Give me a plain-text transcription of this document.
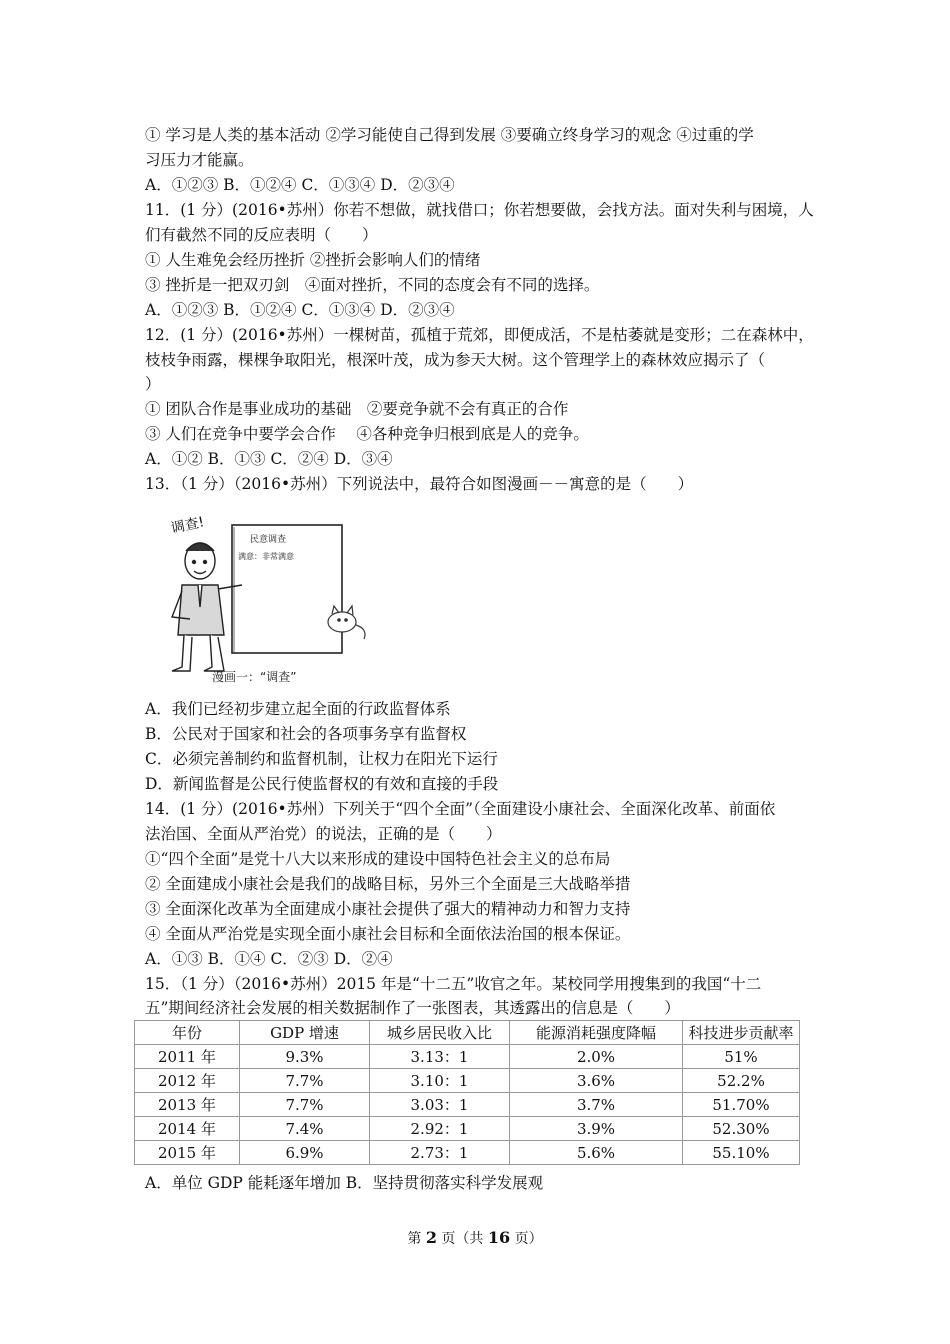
① 学习是人类的基本活动 ②学习能使自己得到发展 ③要确立终身学习的观念 ④过重的学
习压力才能赢。
A．①②③ B．①②④ C．①③④ D．②③④
11．(1 分）(2016•苏州）你若不想做，就找借口；你若想要做，会找方法。面对失利与困境，人
们有截然不同的反应表明（　　）
① 人生难免会经历挫折 ②挫折会影响人们的情绪
③ 挫折是一把双刃剑　④面对挫折，不同的态度会有不同的选择。
A．①②③ B．①②④ C．①③④ D．②③④
12．(1 分）(2016•苏州）一棵树苗，孤植于荒郊，即便成活，不是枯萎就是变形；二在森林中，
枝枝争雨露，棵棵争取阳光，根深叶茂，成为参天大树。这个管理学上的森林效应揭示了（
）
① 团队合作是事业成功的基础　②要竞争就不会有真正的合作
③ 人们在竞争中要学会合作　 ④各种竞争归根到底是人的竞争。
A．①② B．①③ C．②④ D．③④
13．（1 分）（2016•苏州）下列说法中，最符合如图漫画－－寓意的是（　　）
民意调查
满意：非常满意
调查!
漫画一：“调查”
A．我们已经初步建立起全面的行政监督体系
B．公民对于国家和社会的各项事务享有监督权
C．必须完善制约和监督机制，让权力在阳光下运行
D．新闻监督是公民行使监督权的有效和直接的手段
14．(1 分）(2016•苏州）下列关于“四个全面”（全面建设小康社会、全面深化改革、前面依
法治国、全面从严治党）的说法，正确的是（　　）
①“四个全面”是党十八大以来形成的建设中国特色社会主义的总布局
② 全面建成小康社会是我们的战略目标，另外三个全面是三大战略举措
③ 全面深化改革为全面建成小康社会提供了强大的精神动力和智力支持
④ 全面从严治党是实现全面小康社会目标和全面依法治国的根本保证。
A．①③ B．①④ C．②③ D．②④
15．（1 分）（2016•苏州）2015 年是“十二五”收官之年。某校同学用搜集到的我国“十二
五”期间经济社会发展的相关数据制作了一张图表，其透露出的信息是（　　）
年份	GDP 增速	城乡居民收入比	能源消耗强度降幅	科技进步贡献率
2011 年	9.3%	3.13：1	2.0%	51%
2012 年	7.7%	3.10：1	3.6%	52.2%
2013 年	7.7%	3.03：1	3.7%	51.70%
2014 年	7.4%	2.92：1	3.9%	52.30%
2015 年	6.9%	2.73：1	5.6%	55.10%
A．单位 GDP 能耗逐年增加 B．坚持贯彻落实科学发展观
第 2 页（共 16 页）
